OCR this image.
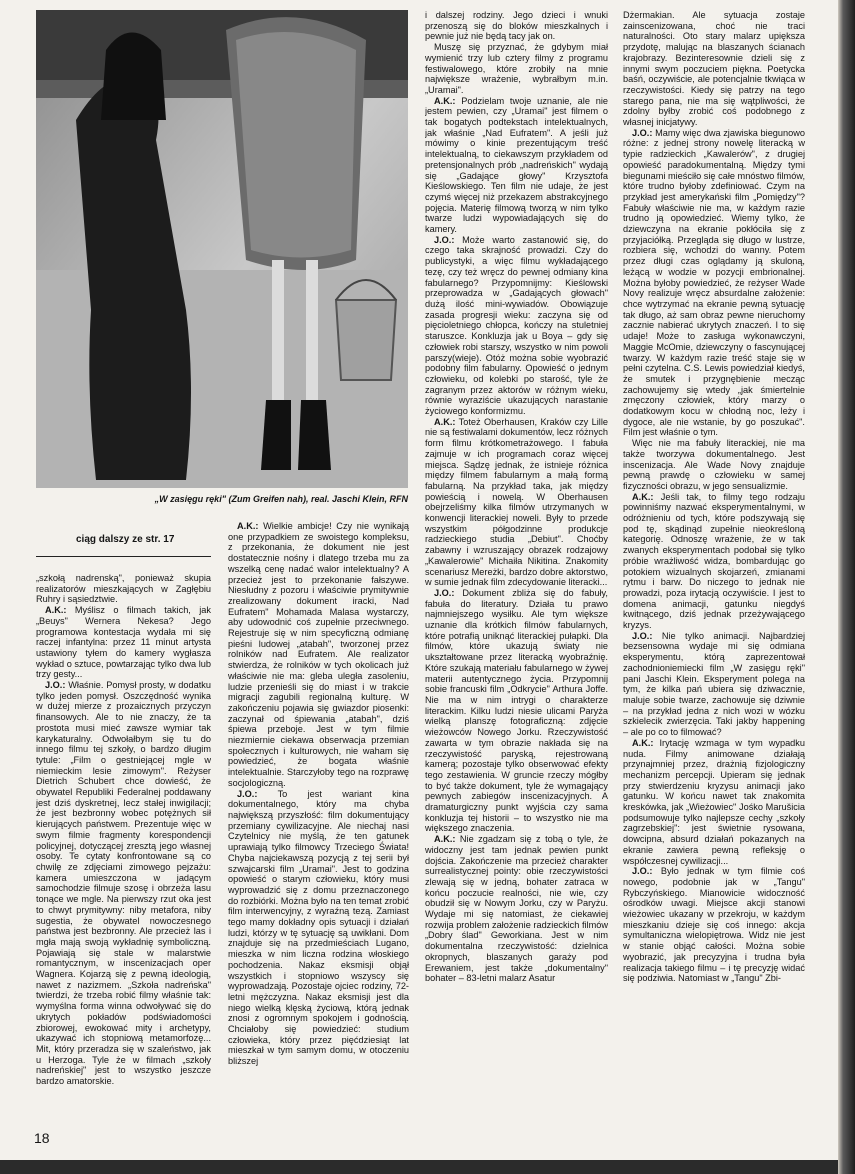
„W zasięgu ręki" (Zum Greifen nah), real. Jaschi Klein, RFN
ciąg dalszy ze str. 17

„szkołą nadrenską", ponieważ skupia realizatorów mieszkających w Zagłębiu Ruhry i sąsiedztwie.

A.K.: Myślisz o filmach takich, jak „Beuys" Wernera Nekesa? Jego programowa kontestacja wydała mi się raczej infantylna: przez 11 minut artysta ustawiony tyłem do kamery wygłasza wykład o sztuce, powtarzając tylko dwa lub trzy gesty...

J.O.: Właśnie. Pomysł prosty, w dodatku tylko jeden pomysł. Oszczędność wynika w dużej mierze z prozaicznych przyczyn finansowych. Ale to nie znaczy, że ta prostota musi mieć zawsze wymiar tak karykaturalny. Odwołałbym się tu do innego filmu tej szkoły, o bardzo długim tytule: „Film o gestniejącej mgle w niemieckim lesie zimowym". Reżyser Dietrich Schubert chce dowieść, że obywatel Republiki Federalnej poddawany jest dziś dyskretnej, lecz stałej inwigilacji; że jest bezbronny wobec potężnych sił kierujących państwem. Prezentuje więc w swym filmie fragmenty korespondencji policyjnej, dotyczącej zresztą jego własnej osoby. Te cytaty konfrontowane są co chwilę ze zdjęciami zimowego pejzażu: kamera umieszczona w jadącym samochodzie filmuje szosę i obrzeża lasu tonące we mgle. Na pierwszy rzut oka jest to chwyt prymitywny: niby metafora, niby sugestia, że obywatel nowoczesnego państwa jest bezbronny. Ale przecież las i mgła mają swoją wykładnię symboliczną. Pojawiają się stale w malarstwie romantycznym, w inscenizacjach oper Wagnera. Kojarzą się z pewną ideologią, nawet z nazizmem. „Szkoła nadreńska" twierdzi, że trzeba robić filmy właśnie tak: wymyślna forma winna odwoływać się do ukrytych pokładów podświadomości zbiorowej, ewokować mity i archetypy, ukazywać ich stopniową metamorfozę... Mit, który przeradza się w szaleństwo, jak u Herzoga. Tyle że w filmach „szkoły nadreńskiej" jest to wszystko jeszcze bardzo amatorskie.

A.K.: Wielkie ambicje! Czy nie wynikają one przypadkiem ze swoistego kompleksu, z przekonania, że dokument nie jest dostatecznie nośny i dlatego trzeba mu za wszelką cenę nadać walor intelektualny? A przecież jest to przekonanie fałszywe. Niesłudny z pozoru i właściwie prymitywnie zrealizowany dokument iracki, Nad Eufratem" Mohamada Malasa wystarczy, aby udowodnić coś zupełnie przeciwnego. Rejestruje się w nim specyficzną odmianę pieśni ludowej „atabah", tworzonej przez rolników nad Eufratem. Ale realizator stwierdza, że rolników w tych okolicach już właściwie nie ma: gleba uległa zasoleniu, ludzie przenieśli się do miast i w trakcie migracji zagubili regionalną kulturę. W zakończeniu pojawia się gwiazdor piosenki: zaczynał od śpiewania „atabah", dziś śpiewa przeboje. Jest w tym filmie niezmiernie ciekawa obserwacja przemian społecznych i kulturowych, nie waham się powiedzieć, że bogata właśnie intelektualnie. Starczyłoby tego na rozprawę socjologiczną.

J.O.: To jest wariant kina dokumentalnego, który ma chyba największą przyszłość: film dokumentujący przemiany cywilizacyjne. Ale niechaj nasi Czytelnicy nie myślą, że ten gatunek uprawiają tylko filmowcy Trzeciego Świata! Chyba najciekawszą pozycją z tej serii był szwajcarski film „Uramai". Jest to godzina opowieść o starym człowieku, który musi wyprowadzić się z domu przeznaczonego do rozbiórki. Można było na ten temat zrobić film interwencyjny, z wyraźną tezą. Zamiast tego mamy dokładny opis sytuacji i działań ludzi, którzy w tę sytuację są uwikłani. Dom znajduje się na przedmieściach Lugano, mieszka w nim liczna rodzina włoskiego pochodzenia. Nakaz eksmisji objął wszystkich i stopniowo wszyscy się wyprowadzają. Pozostaje ojciec rodziny, 72-letni mężczyzna. Nakaz eksmisji jest dla niego wielką klęską życiową, którą jednak znosi z ogromnym spokojem i godnością. Chciałoby się powiedzieć: studium człowieka, który przez pięćdziesiąt lat mieszkał w tym samym domu, w otoczeniu bliższej

i dalszej rodziny. Jego dzieci i wnuki przenoszą się do bloków mieszkalnych i pewnie już nie będą tacy jak on.

Muszę się przyznać, że gdybym miał wymienić trzy lub cztery filmy z programu festiwalowego, które zrobiły na mnie największe wrażenie, wybrałbym m.in. „Uramai".

A.K.: Podzielam twoje uznanie, ale nie jestem pewien, czy „Uramai" jest filmem o tak bogatych podtekstach intelektualnych, jak właśnie „Nad Eufratem". A jeśli już mówimy o kinie prezentującym treść intelektualną, to ciekawszym przykładem od pretensjonalnych prób „nadreńskich" wydają się „Gadające głowy" Krzysztofa Kieślowskiego. Ten film nie udaje, że jest czymś więcej niż przekazem abstrakcyjnego pojęcia. Materię filmową tworzą w nim tylko twarze ludzi wypowiadających się do kamery.

J.O.: Może warto zastanowić się, do czego taka skrajność prowadzi. Czy do publicystyki, a więc filmu wykładającego tezę, czy też wręcz do pewnej odmiany kina fabularnego? Przypomnijmy: Kieślowski przeprowadza w „Gadających głowach" dużą ilość mini-wywiadów. Obowiązuje zasada progresji wieku: zaczyna się od pięcioletniego chłopca, kończy na stuletniej staruszce. Konkluzja jak u Boya – gdy się człowiek robi starszy, wszystko w nim powoli parszy(wieje). Otóż można sobie wyobrazić podobny film fabularny. Opowieść o jednym człowieku, od kolebki po starość, tyle że zagranym przez aktorów w różnym wieku, równie wyraziście ukazujących narastanie życiowego konformizmu.

A.K.: Toteż Oberhausen, Kraków czy Lille nie są festiwalami dokumentów, lecz różnych form filmu krótkometrażowego. I fabuła zajmuje w ich programach coraz więcej miejsca. Sądzę jednak, że istnieje różnica między filmem fabularnym a małą formą fabularną. Na przykład taka, jak między powieścią i nowelą. W Oberhausen obejrzeliśmy kilka filmów utrzymanych w konwencji literackiej noweli. Były to przede wszystkim półgodzinne produkcje radzieckiego studia „Debiut". Choćby zabawny i wzruszający obrazek rodzajowy „Kawalerowie" Michaiła Nikitina. Znakomity scenariusz Mereżki, bardzo dobre aktorstwo, w sumie jednak film zdecydowanie literacki...

J.O.: Dokument zbliża się do fabuły, fabuła do literatury. Działa tu prawo najmniejszego wysiłku. Ale tym większe uznanie dla krótkich filmów fabularnych, które potrafią uniknąć literackiej pułapki. Dla filmów, które ukazują światy nie ukształtowane przez literacką wyobraźnię. Które szukają materiału fabularnego w żywej materii autentycznego życia. Przypomnij sobie francuski film „Odkrycie" Arthura Joffe. Nie ma w nim intrygi o charakterze literackim. Kilku ludzi niesie ulicami Paryża wielką planszę fotograficzną: zdjęcie wieżowców Nowego Jorku. Rzeczywistość zawarta w tym obrazie nakłada się na rzeczywistość paryską, rejestrowaną kamerą; pozostaje tylko obserwować efekty tego zestawienia. W gruncie rzeczy mógłby to być także dokument, tyle że wymagający pewnych zabiegów inscenizacyjnych. A dramaturgiczny punkt wyjścia czy sama konkluzja tej historii – to wszystko nie ma większego znaczenia.

A.K.: Nie zgadzam się z tobą o tyle, że widoczny jest tam jednak pewien punkt dojścia. Zakończenie ma przecież charakter surrealistycznej pointy: obie rzeczywistości zlewają się w jedną, bohater zatraca w końcu poczucie realności, nie wie, czy obudził się w Nowym Jorku, czy w Paryżu. Wydaje mi się natomiast, że ciekawiej rozwija problem założenie radzieckich filmów „Dobry ślad" Geworkiana. Jest w nim dokumentalna rzeczywistość: dzielnica okropnych, blaszanych garaży pod Erewaniem, jest także „dokumentalny" bohater – 83-letni malarz Asatur

Dżermakian. Ale sytuacja zostaje zainscenizowana, choć nie traci naturalności. Oto stary malarz upiększa przydotę, malując na blaszanych ścianach krajobrazy. Bezinteresownie dzieli się z innymi swym poczuciem piękna. Poetycka baśń, oczywiście, ale potencjalnie tkwiąca w rzeczywistości. Kiedy się patrzy na tego starego pana, nie ma się wątpliwości, że zdolny byłby zrobić coś podobnego z własnej inicjatywy.

J.O.: Mamy więc dwa zjawiska biegunowo różne: z jednej strony nowelę literacką w typie radzieckich „Kawalerów", z drugiej opowieść paradokumentalną. Między tymi biegunami mieściło się całe mnóstwo filmów, które trudno byłoby zdefiniować. Czym na przykład jest amerykański film „Pomiędzy"? Fabuły właściwie nie ma, w każdym razie trudno ją opowiedzieć. Wiemy tylko, że dziewczyna na ekranie pokłóciła się z przyjaciółką. Przegląda się długo w lustrze, rozbiera się, wchodzi do wanny. Potem przez długi czas oglądamy ją skuloną, leżącą w wodzie w pozycji embrionalnej. Można byłoby powiedzieć, że reżyser Wade Novy realizuje wręcz absurdalne założenie: chce wytrzymać na ekranie pewną sytuację tak długo, aż sam obraz pewne nieruchomy zacznie nabierać ukrytych znaczeń. I to się udaje! Może to zasługa wykonawczyni, Maggie McOmie, dziewczyny o fascynującej twarzy. W każdym razie treść staje się w pełni czytelna. C.S. Lewis powiedział kiedyś, że smutek i przygnębienie mecząc zachowujemy się wtedy „jak śmiertelnie zmęczony człowiek, który marzy o dodatkowym kocu w chłodną noc, leży i dygoce, ale nie wstanie, by go poszukać". Film jest właśnie o tym.

Więc nie ma fabuły literackiej, nie ma także tworzywa dokumentalnego. Jest inscenizacja. Ale Wade Novy znajduje pewną prawdę o człowieku w samej fizyczności obrazu, w jego sensualizmie.

A.K.: Jeśli tak, to filmy tego rodzaju powinniśmy nazwać eksperymentalnymi, w odróżnieniu od tych, które podszywają się pod tę, skądinąd zupełnie nieokreśloną kategorię. Odnoszę wrażenie, że w tak zwanych eksperymentach podobał się tylko próbie wrażliwość widza, bombardując go potokiem wizualnych skojarzeń, zmianami rytmu i barw. Do niczego to jednak nie prowadzi, poza irytacją oczywiście. I jest to domena animacji, gatunku niegdyś kwitnącego, dziś jednak przeżywającego kryzys.

J.O.: Nie tylko animacji. Najbardziej bezsensowna wydaje mi się odmiana eksperymentu, którą zaprezentował zachodnioniemiecki film „W zasięgu ręki" pani Jaschi Klein. Eksperyment polega na tym, że kilka pań ubiera się dziwacznie, maluje sobie twarze, zachowuje się dziwnie – na przykład jedna z nich wozi w wózku szkielecik zwierzęcia. Taki jakby happening – ale po co to filmować?

A.K.: Irytację wzmaga w tym wypadku nuda. Filmy animowane działają przynajmniej przez, drażnią fizjologiczny mechanizm percepcji. Upieram się jednak przy stwierdzeniu kryzysu animacji jako gatunku. W końcu nawet tak znakomita kreskówka, jak „Wieżowiec" Jośko Marušicia podsumowuje tylko najlepsze cechy „szkoły zagrzebskiej": jest świetnie rysowana, dowcipna, absurd działań pokazanych na ekranie zawiera pewną refleksję o współczesnej cywilizacji...

J.O.: Było jednak w tym filmie coś nowego, podobnie jak w „Tangu" Rybczyńskiego. Mianowicie widoczność ośrodków uwagi. Miejsce akcji stanowi wieżowiec ukazany w przekroju, w każdym mieszkaniu dzieje się coś innego: akcja symultaniczna wielopiętrowa. Widz nie jest w stanie objąć całości. Można sobie wyobrazić, jak precyzyjna i trudna była realizacja takiego filmu – i tę precyzję widać się podziwia. Natomiast w „Tangu" Zbi-

18
